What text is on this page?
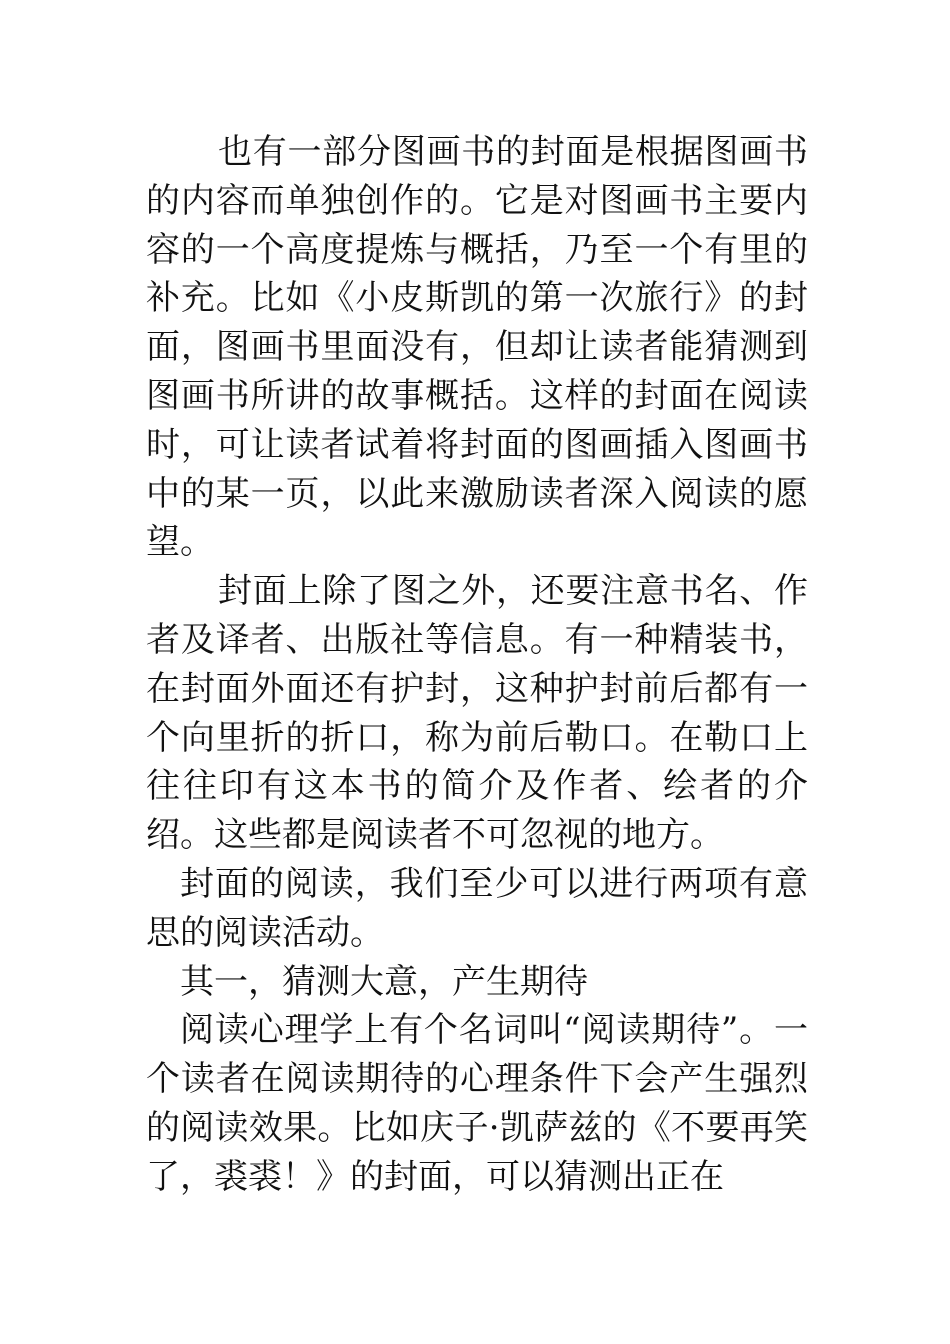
也有一部分图画书的封面是根据图画书的内容而单独创作的。它是对图画书主要内容的一个高度提炼与概括，乃至一个有里的补充。比如《小皮斯凯的第一次旅行》的封面，图画书里面没有，但却让读者能猜测到图画书所讲的故事概括。这样的封面在阅读时，可让读者试着将封面的图画插入图画书中的某一页，以此来激励读者深入阅读的愿望。

封面上除了图之外，还要注意书名、作者及译者、出版社等信息。有一种精装书，在封面外面还有护封，这种护封前后都有一个向里折的折口，称为前后勒口。在勒口上往往印有这本书的简介及作者、绘者的介绍。这些都是阅读者不可忽视的地方。

封面的阅读，我们至少可以进行两项有意思的阅读活动。

其一，猜测大意，产生期待

阅读心理学上有个名词叫“阅读期待”。一个读者在阅读期待的心理条件下会产生强烈的阅读效果。比如庆子·凯萨兹的《不要再笑了，裘裘！》的封面，可以猜测出正在
